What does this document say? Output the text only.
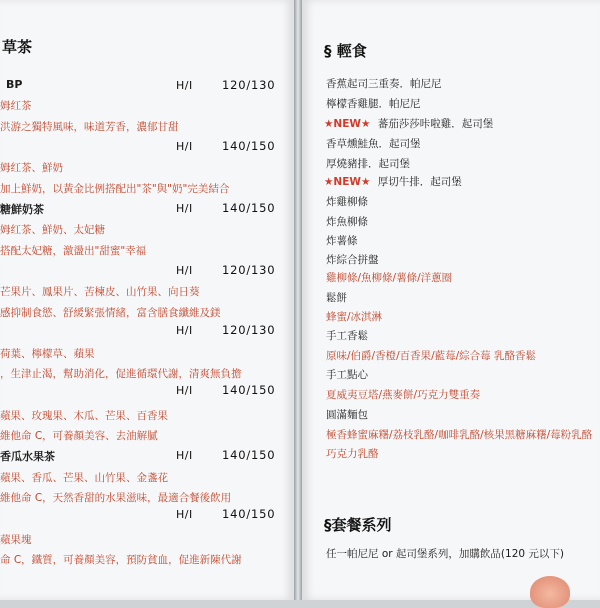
草茶
BP	H/I	120/130
姆红茶
洪游之獨特風味，味道芳香，濃郁甘甜
H/I	140/150
姆红茶、鮮奶
加上鮮奶，以黃金比例搭配出"茶"與"奶"完美結合
糖鮮奶茶	H/I	140/150
姆红茶、鮮奶、太妃糖
搭配太妃糖，激盪出"甜蜜"幸福
H/I	120/130
芒果片、鳳果片、苦楝皮、山竹果、向日葵
感抑制食慾、舒緩緊張情緒，富含膳食纖維及鎂
H/I	120/130
荷葉、檸檬草、蘋果
，生津止渴，幫助消化，促進循環代謝，清爽無負擔
H/I	140/150
蘋果、玫瑰果、木瓜、芒果、百香果
維他命 C，可養顏美容、去油解膩
香瓜水果茶	H/I	140/150
蘋果、香瓜、芒果、山竹果、金盞花
維他命 C，天然香甜的水果滋味，最適合餐後飲用
H/I	140/150
蘋果塊
命 C，鐵質，可養顏美容，預防貧血，促進新陳代謝
§ 輕食
香蕉起司三重奏．帕尼尼
檸檬香雞腿．帕尼尼
★NEW★ 蕃茄莎莎咔啦雞．起司堡
香草燻鮭魚．起司堡
厚燒豬排．起司堡
★NEW★ 厚切牛排．起司堡
炸雞柳條
炸魚柳條
炸薯條
炸綜合拼盤
雞柳條/魚柳條/薯條/洋蔥圈
鬆餅
蜂蜜/冰淇淋
手工香鬆
原味/伯爵/香橙/百香果/藍莓/綜合莓 乳酪香鬆
手工點心
夏威夷豆塔/燕麥餅/巧克力雙重奏
圓滿麵包
極香蜂蜜麻糬/荔枝乳酪/咖啡乳酪/核果黑糖麻糬/莓粉乳酪
巧克力乳酪
§套餐系列
任一帕尼尼 or 起司堡系列，加購飲品(120 元以下)
